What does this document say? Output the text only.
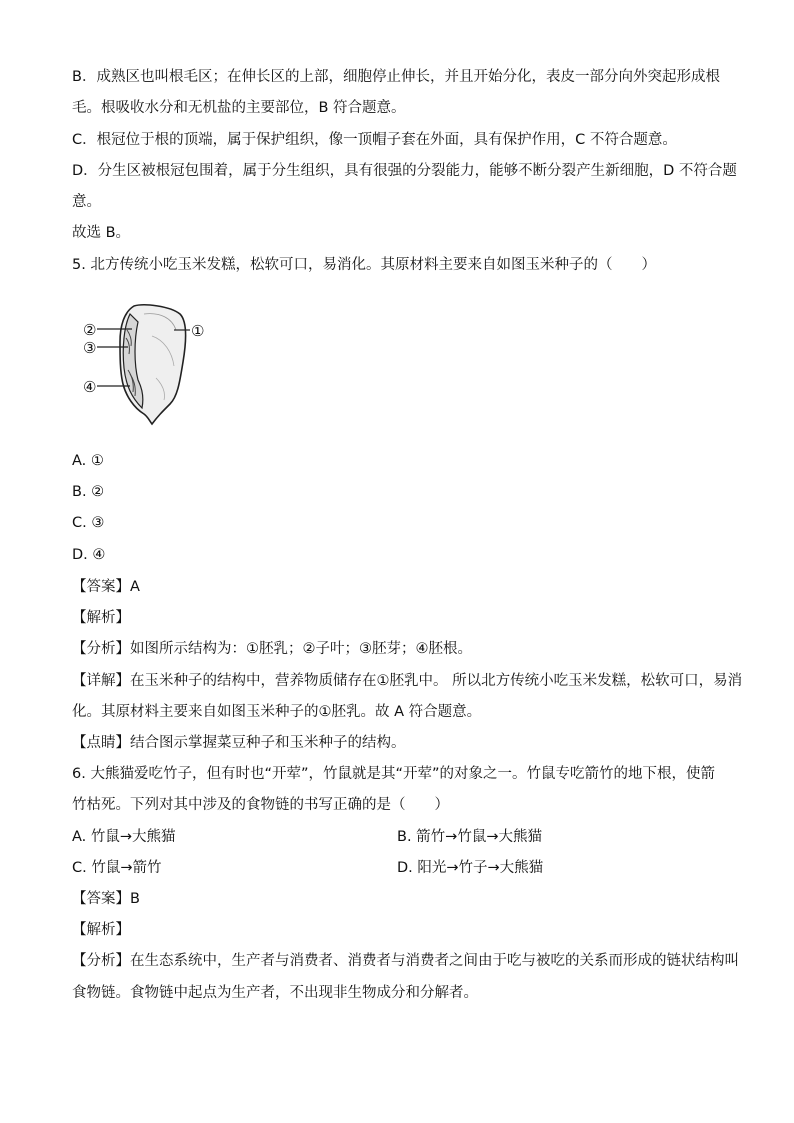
B．成熟区也叫根毛区；在伸长区的上部，细胞停止伸长，并且开始分化，表皮一部分向外突起形成根
毛。根吸收水分和无机盐的主要部位，B 符合题意。
C．根冠位于根的顶端，属于保护组织，像一顶帽子套在外面，具有保护作用，C 不符合题意。
D．分生区被根冠包围着，属于分生组织，具有很强的分裂能力，能够不断分裂产生新细胞，D 不符合题
意。
故选 B。
5. 北方传统小吃玉米发糕，松软可口，易消化。其原材料主要来自如图玉米种子的（　　）
②
③
④
①
A. ①
B. ②
C. ③
D. ④
【答案】A
【解析】
【分析】如图所示结构为：①胚乳；②子叶；③胚芽；④胚根。
【详解】在玉米种子的结构中，营养物质储存在①胚乳中。 所以北方传统小吃玉米发糕，松软可口，易消
化。其原材料主要来自如图玉米种子的①胚乳。故 A 符合题意。
【点睛】结合图示掌握菜豆种子和玉米种子的结构。
6. 大熊猫爱吃竹子，但有时也“开荤”，竹鼠就是其“开荤”的对象之一。竹鼠专吃箭竹的地下根，使箭
竹枯死。下列对其中涉及的食物链的书写正确的是（　　）
A. 竹鼠→大熊猫	B. 箭竹→竹鼠→大熊猫
C. 竹鼠→箭竹	D. 阳光→竹子→大熊猫
【答案】B
【解析】
【分析】在生态系统中，生产者与消费者、消费者与消费者之间由于吃与被吃的关系而形成的链状结构叫
食物链。食物链中起点为生产者，不出现非生物成分和分解者。
